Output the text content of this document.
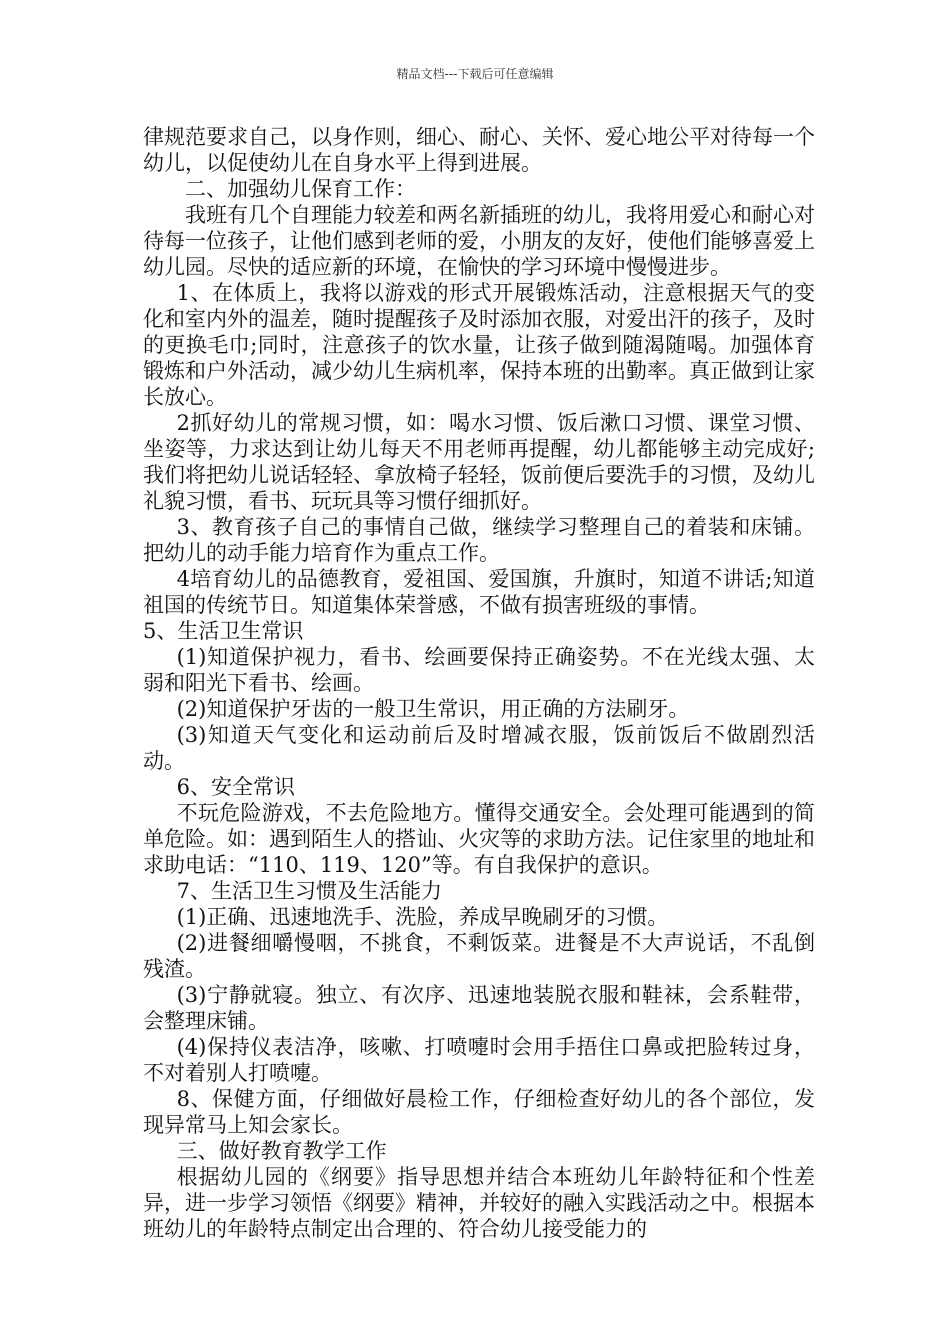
精品文档---下载后可任意编辑

律规范要求自己，以身作则，细心、耐心、关怀、爱心地公平对待每一个幼儿，以促使幼儿在自身水平上得到进展。

二、加强幼儿保育工作：

我班有几个自理能力较差和两名新插班的幼儿，我将用爱心和耐心对待每一位孩子，让他们感到老师的爱，小朋友的友好，使他们能够喜爱上幼儿园。尽快的适应新的环境，在愉快的学习环境中慢慢进步。

1、在体质上，我将以游戏的形式开展锻炼活动，注意根据天气的变化和室内外的温差，随时提醒孩子及时添加衣服，对爱出汗的孩子，及时的更换毛巾;同时，注意孩子的饮水量，让孩子做到随渴随喝。加强体育锻炼和户外活动，减少幼儿生病机率，保持本班的出勤率。真正做到让家长放心。

2抓好幼儿的常规习惯，如：喝水习惯、饭后漱口习惯、课堂习惯、坐姿等，力求达到让幼儿每天不用老师再提醒，幼儿都能够主动完成好;我们将把幼儿说话轻轻、拿放椅子轻轻，饭前便后要洗手的习惯，及幼儿礼貌习惯，看书、玩玩具等习惯仔细抓好。

3、教育孩子自己的事情自己做，继续学习整理自己的着装和床铺。把幼儿的动手能力培育作为重点工作。

4培育幼儿的品德教育，爱祖国、爱国旗，升旗时，知道不讲话;知道祖国的传统节日。知道集体荣誉感，不做有损害班级的事情。

5、生活卫生常识

(1)知道保护视力，看书、绘画要保持正确姿势。不在光线太强、太弱和阳光下看书、绘画。

(2)知道保护牙齿的一般卫生常识，用正确的方法刷牙。

(3)知道天气变化和运动前后及时增减衣服，饭前饭后不做剧烈活动。

6、安全常识

不玩危险游戏，不去危险地方。懂得交通安全。会处理可能遇到的简单危险。如：遇到陌生人的搭讪、火灾等的求助方法。记住家里的地址和求助电话：“110、119、120”等。有自我保护的意识。

7、生活卫生习惯及生活能力

(1)正确、迅速地洗手、洗脸，养成早晚刷牙的习惯。

(2)进餐细嚼慢咽，不挑食，不剩饭菜。进餐是不大声说话，不乱倒残渣。

(3)宁静就寝。独立、有次序、迅速地装脱衣服和鞋袜，会系鞋带，会整理床铺。

(4)保持仪表洁净，咳嗽、打喷嚏时会用手捂住口鼻或把脸转过身，不对着别人打喷嚏。

8、保健方面，仔细做好晨检工作，仔细检查好幼儿的各个部位，发现异常马上知会家长。

三、做好教育教学工作

根据幼儿园的《纲要》指导思想并结合本班幼儿年龄特征和个性差异，进一步学习领悟《纲要》精神，并较好的融入实践活动之中。根据本班幼儿的年龄特点制定出合理的、符合幼儿接受能力的
